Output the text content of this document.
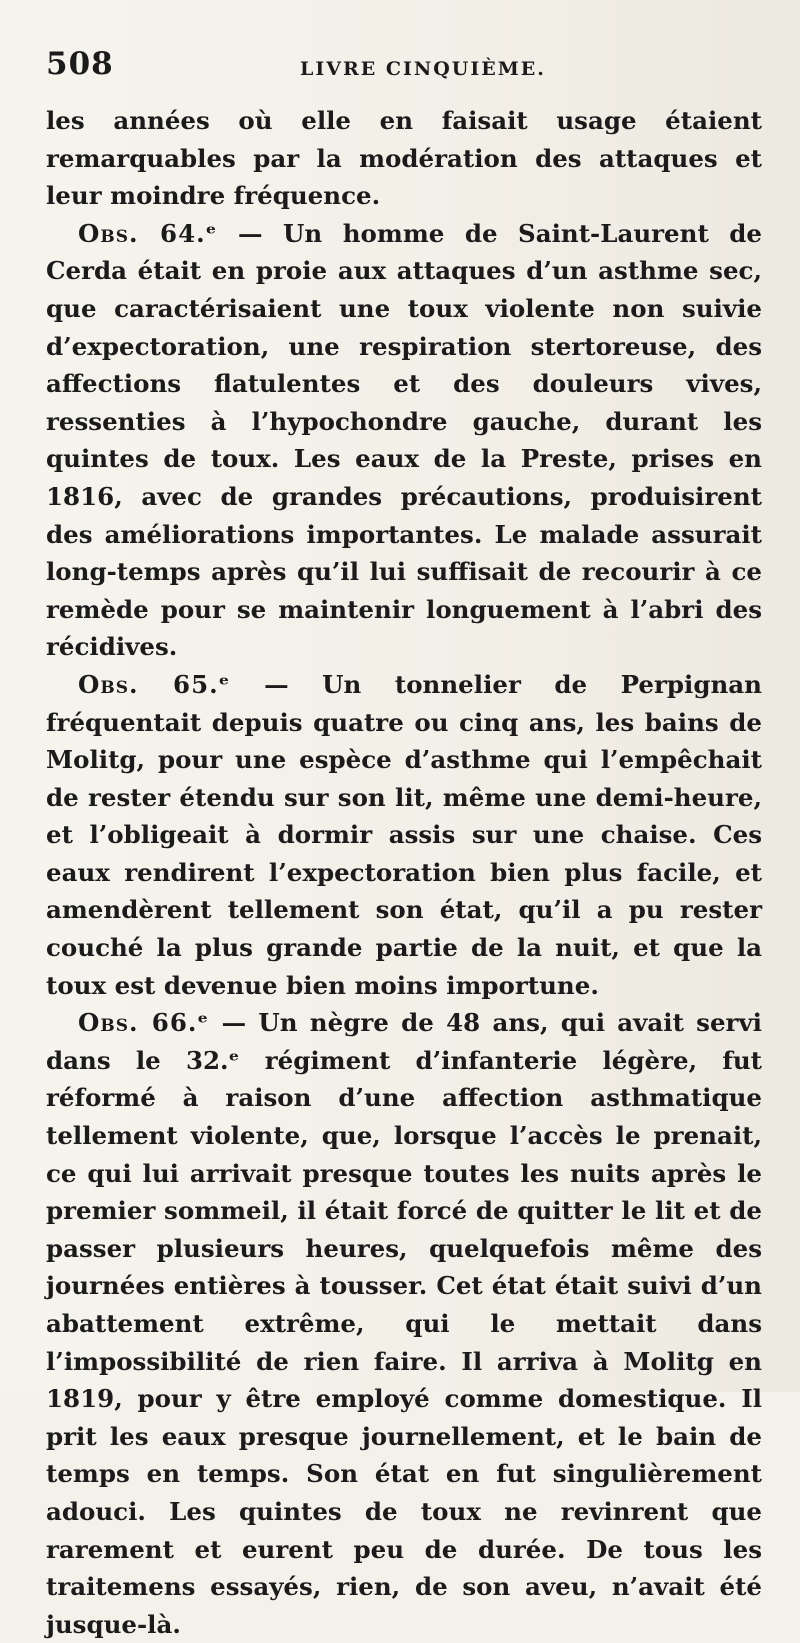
508	LIVRE CINQUIÈME.

les années où elle en faisait usage étaient remarquables par la modération des attaques et leur moindre fréquence.

Obs. 64.ᵉ — Un homme de Saint-Laurent de Cerda était en proie aux attaques d’un asthme sec, que caractérisaient une toux violente non suivie d’expectoration, une respiration stertoreuse, des affections flatulentes et des douleurs vives, ressenties à l’hypochondre gauche, durant les quintes de toux. Les eaux de la Preste, prises en 1816, avec de grandes précautions, produisirent des améliorations importantes. Le malade assurait long-temps après qu’il lui suffisait de recourir à ce remède pour se maintenir longuement à l’abri des récidives.

Obs. 65.ᵉ — Un tonnelier de Perpignan fréquentait depuis quatre ou cinq ans, les bains de Molitg, pour une espèce d’asthme qui l’empêchait de rester étendu sur son lit, même une demi-heure, et l’obligeait à dormir assis sur une chaise. Ces eaux rendirent l’expectoration bien plus facile, et amendèrent tellement son état, qu’il a pu rester couché la plus grande partie de la nuit, et que la toux est devenue bien moins importune.

Obs. 66.ᵉ — Un nègre de 48 ans, qui avait servi dans le 32.ᵉ régiment d’infanterie légère, fut réformé à raison d’une affection asthmatique tellement violente, que, lorsque l’accès le prenait, ce qui lui arrivait presque toutes les nuits après le premier sommeil, il était forcé de quitter le lit et de passer plusieurs heures, quelquefois même des journées entières à tousser. Cet état était suivi d’un abattement extrême, qui le mettait dans l’impossibilité de rien faire. Il arriva à Molitg en 1819, pour y être employé comme domestique. Il prit les eaux presque journellement, et le bain de temps en temps. Son état en fut singulièrement adouci. Les quintes de toux ne revinrent que rarement et eurent peu de durée. De tous les traitemens essayés, rien, de son aveu, n’avait été jusque-là.
